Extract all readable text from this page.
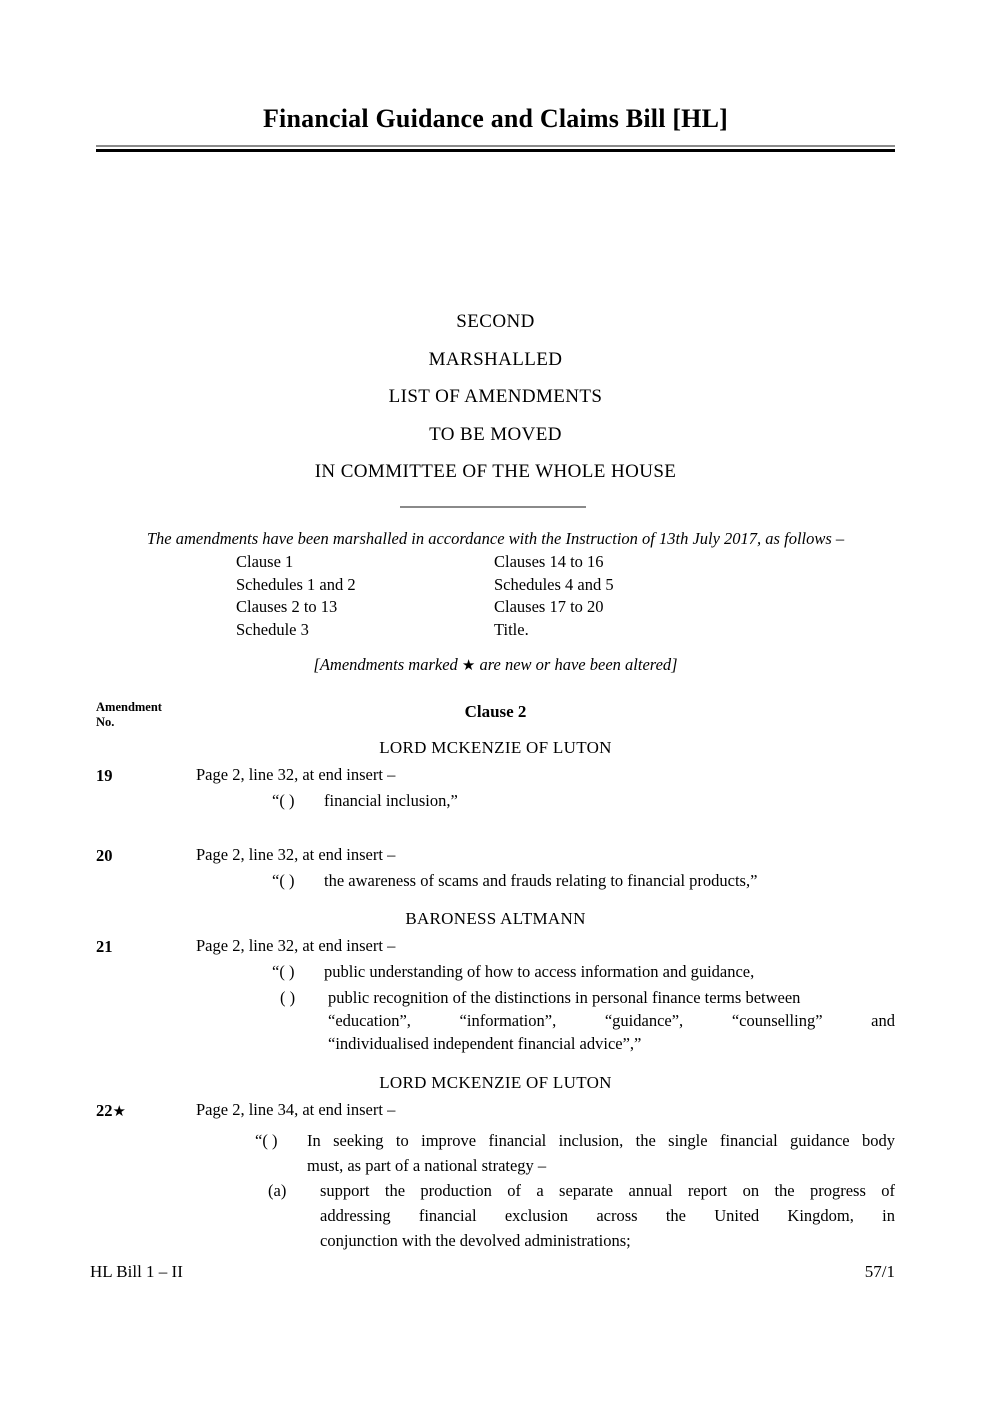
Financial Guidance and Claims Bill [HL]
SECOND
MARSHALLED
LIST OF AMENDMENTS
TO BE MOVED
IN COMMITTEE OF THE WHOLE HOUSE
The amendments have been marshalled in accordance with the Instruction of 13th July 2017, as follows –
Clause 1	Clauses 14 to 16
Schedules 1 and 2	Schedules 4 and 5
Clauses 2 to 13	Clauses 17 to 20
Schedule 3	Title.
[Amendments marked ★ are new or have been altered]
Amendment
No.
Clause 2
LORD MCKENZIE OF LUTON
19	Page 2, line 32, at end insert –
“( )	financial inclusion,”
20	Page 2, line 32, at end insert –
“( )	the awareness of scams and frauds relating to financial products,”
BARONESS ALTMANN
21	Page 2, line 32, at end insert –
“( )	public understanding of how to access information and guidance,
( )	public recognition of the distinctions in personal finance terms between
“education”, “information”, “guidance”, “counselling” and
“individualised independent financial advice”,”
LORD MCKENZIE OF LUTON
22★	Page 2, line 34, at end insert –
“( )	In seeking to improve financial inclusion, the single financial guidance body
must, as part of a national strategy –
(a)	support the production of a separate annual report on the progress of
addressing financial exclusion across the United Kingdom, in
conjunction with the devolved administrations;
HL Bill 1 – II	57/1
